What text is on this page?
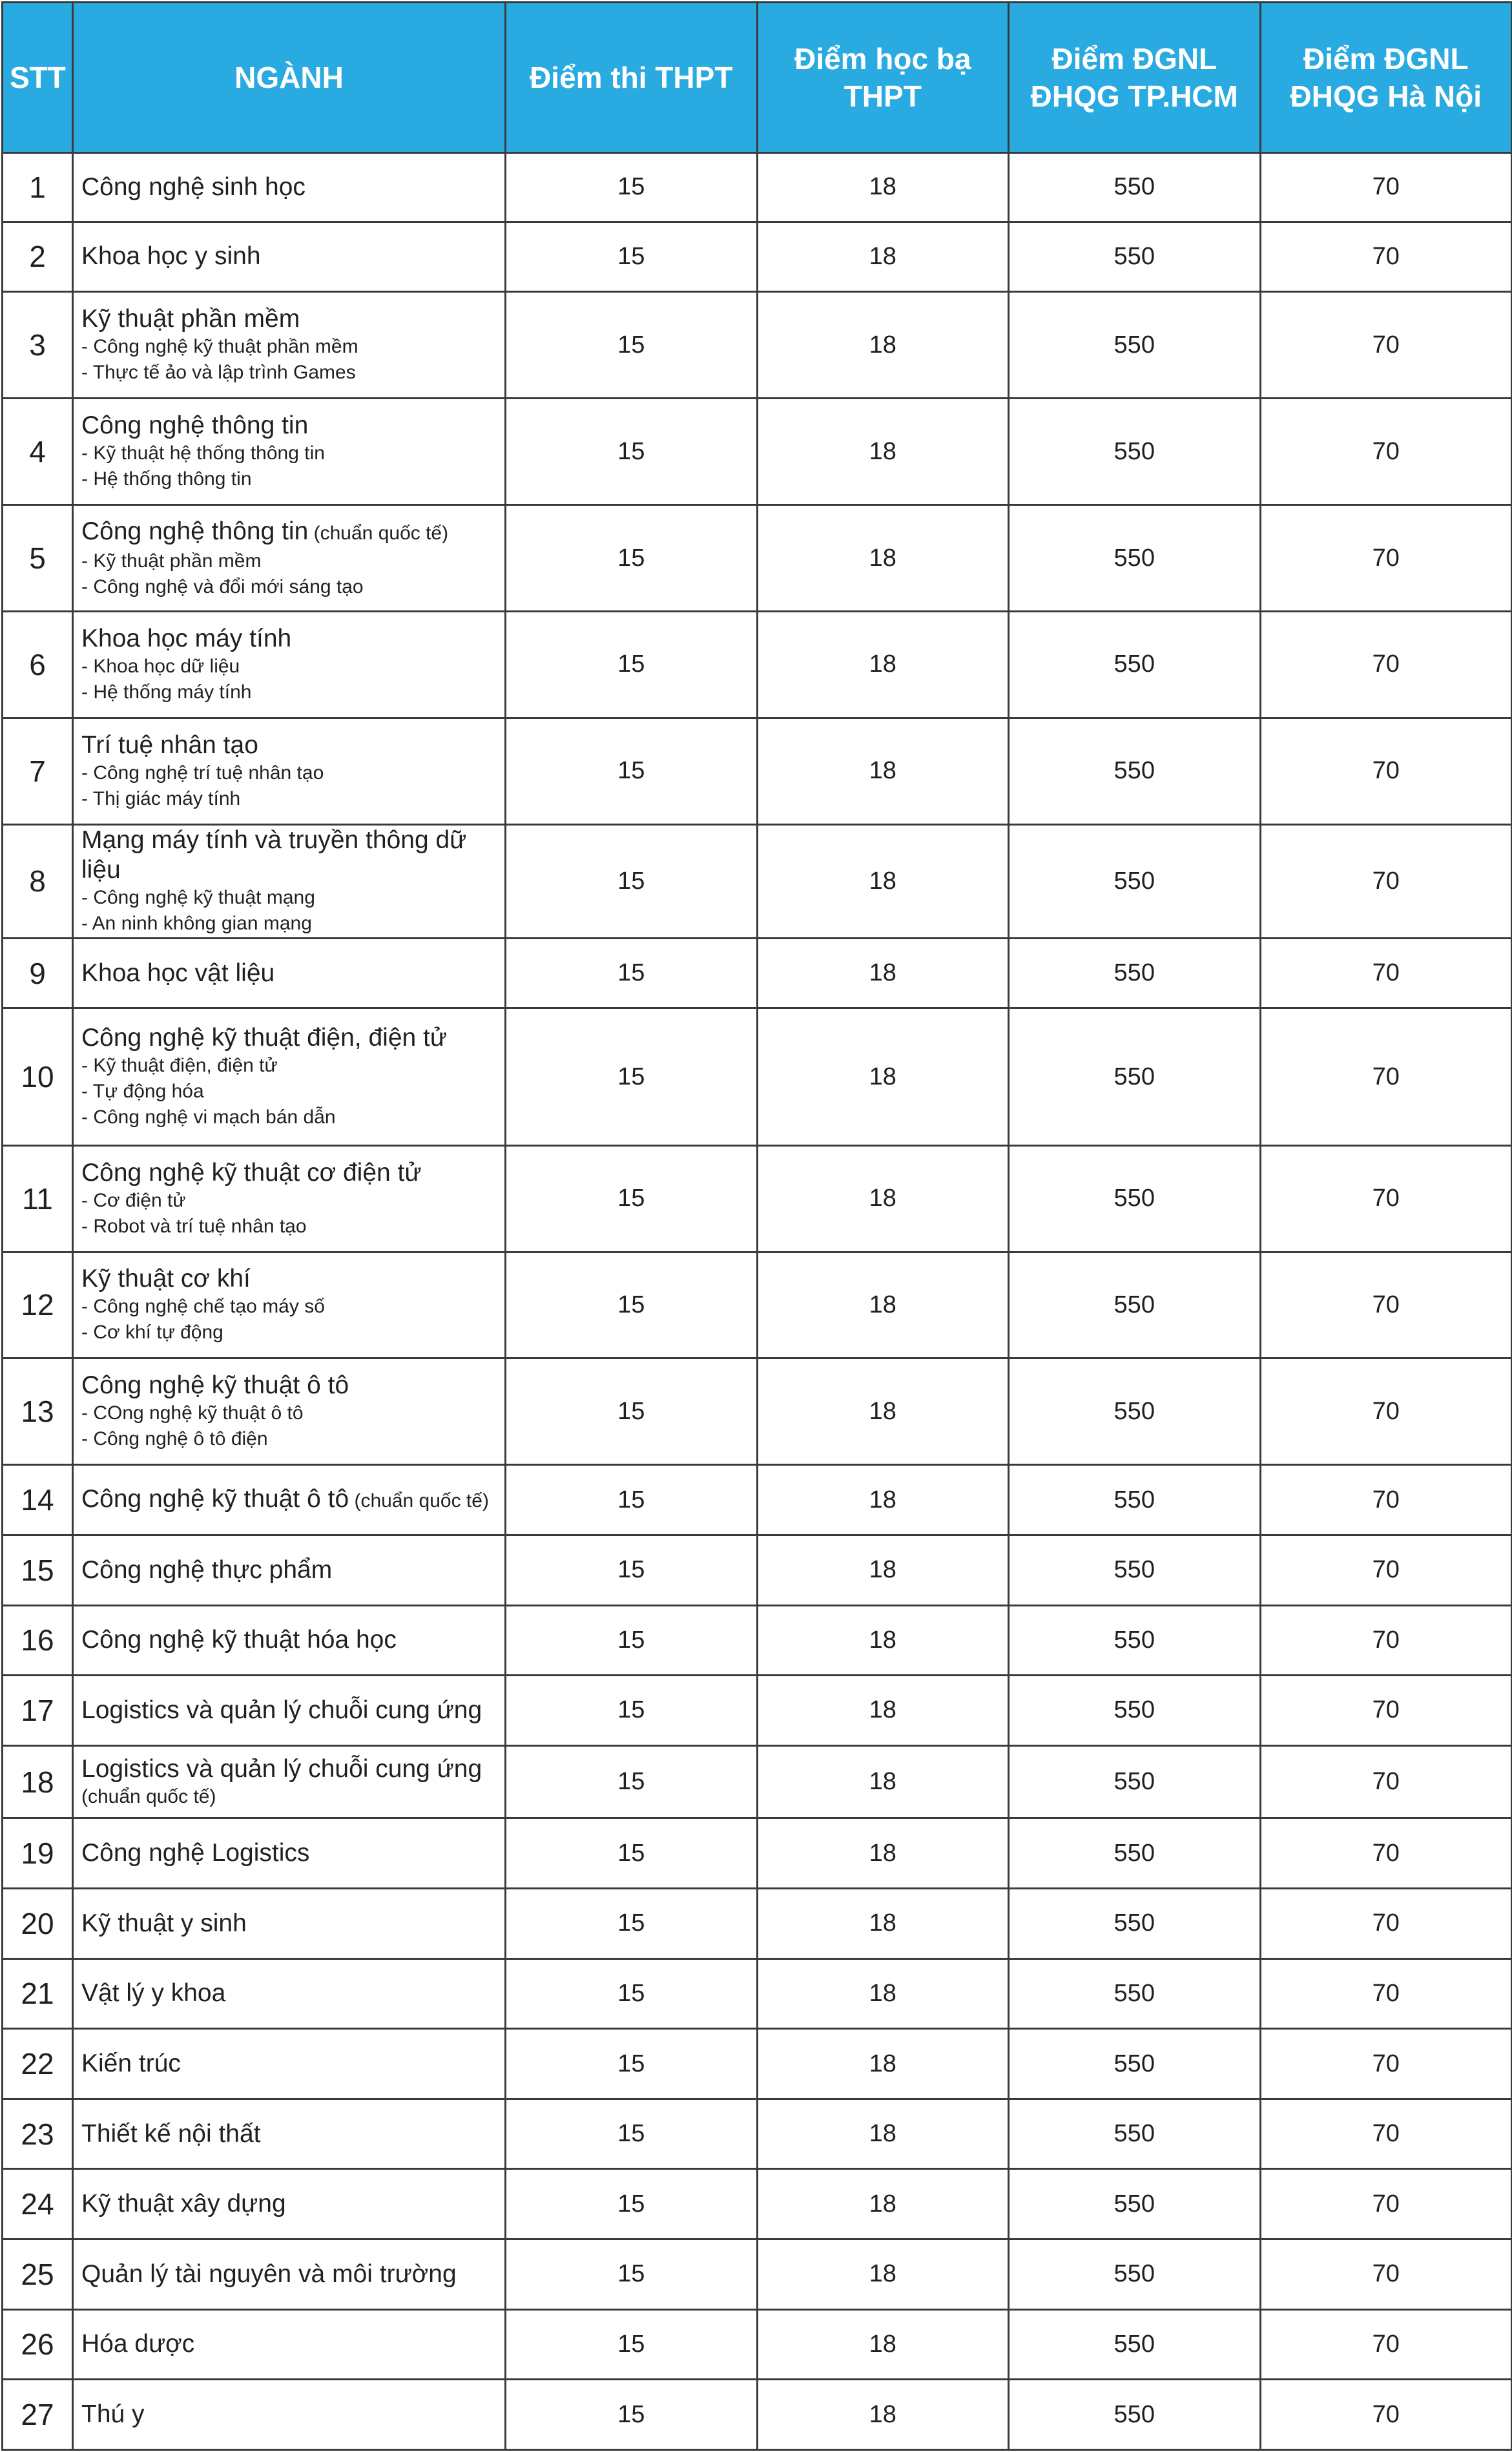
STT	NGÀNH	Điểm thi THPT	Điểm học bạ THPT	Điểm ĐGNL ĐHQG TP.HCM	Điểm ĐGNL ĐHQG Hà Nội
1	Công nghệ sinh học	15	18	550	70
2	Khoa học y sinh	15	18	550	70
3	Kỹ thuật phần mềm
- Công nghệ kỹ thuật phần mềm
- Thực tế ảo và lập trình Games	15	18	550	70
4	Công nghệ thông tin
- Kỹ thuật hệ thống thông tin
- Hệ thống thông tin	15	18	550	70
5	Công nghệ thông tin (chuẩn quốc tế)
- Kỹ thuật phần mềm
- Công nghệ và đổi mới sáng tạo	15	18	550	70
6	Khoa học máy tính
- Khoa học dữ liệu
- Hệ thống máy tính	15	18	550	70
7	Trí tuệ nhân tạo
- Công nghệ trí tuệ nhân tạo
- Thị giác máy tính	15	18	550	70
8	Mạng máy tính và truyền thông dữ liệu
- Công nghệ kỹ thuật mạng
- An ninh không gian mạng	15	18	550	70
9	Khoa học vật liệu	15	18	550	70
10	Công nghệ kỹ thuật điện, điện tử
- Kỹ thuật điện, điện tử
- Tự động hóa
- Công nghệ vi mạch bán dẫn	15	18	550	70
11	Công nghệ kỹ thuật cơ điện tử
- Cơ điện tử
- Robot và trí tuệ nhân tạo	15	18	550	70
12	Kỹ thuật cơ khí
- Công nghệ chế tạo máy số
- Cơ khí tự động	15	18	550	70
13	Công nghệ kỹ thuật ô tô
- COng nghệ kỹ thuật ô tô
- Công nghệ ô tô điện	15	18	550	70
14	Công nghệ kỹ thuật ô tô (chuẩn quốc tế)	15	18	550	70
15	Công nghệ thực phẩm	15	18	550	70
16	Công nghệ kỹ thuật hóa học	15	18	550	70
17	Logistics và quản lý chuỗi cung ứng	15	18	550	70
18	Logistics và quản lý chuỗi cung ứng
(chuẩn quốc tế)	15	18	550	70
19	Công nghệ Logistics	15	18	550	70
20	Kỹ thuật y sinh	15	18	550	70
21	Vật lý y khoa	15	18	550	70
22	Kiến trúc	15	18	550	70
23	Thiết kế nội thất	15	18	550	70
24	Kỹ thuật xây dựng	15	18	550	70
25	Quản lý tài nguyên và môi trường	15	18	550	70
26	Hóa dược	15	18	550	70
27	Thú y	15	18	550	70
